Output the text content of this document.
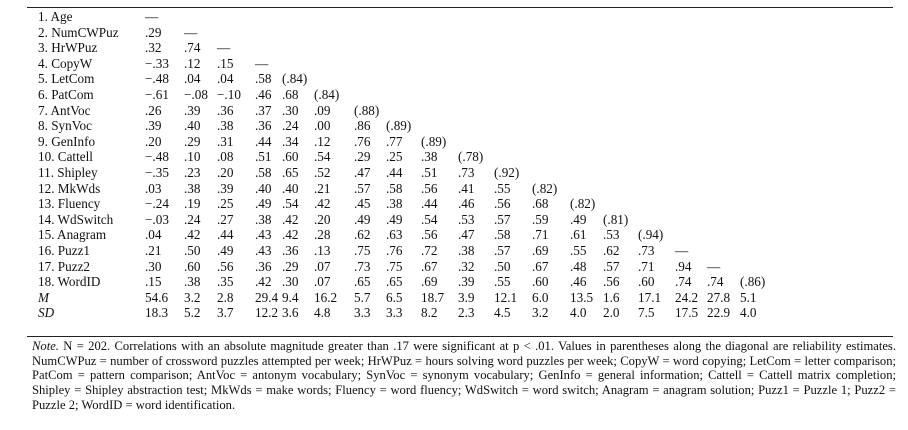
1. Age	—
2. NumCWPuz .29 —
3. HrWPuz	.32 .74 —
4. CopyW	−.33 .12 .15 —
5. LetCom	−.48 .04 .04 .58 (.84)
6. PatCom	−.61 −.08 −.10 .46 .68 (.84)
7. AntVoc	.26 .39 .36 .37 .30 .09 (.88)
8. SynVoc	.39 .40 .38 .36 .24 .00 .86 (.89)
9. GenInfo	.20 .29 .31 .44 .34 .12 .76 .77 (.89)
10. Cattell	−.48 .10 .08 .51 .60 .54 .29 .25 .38 (.78)
11. Shipley	−.35 .23 .20 .58 .65 .52 .47 .44 .51 .73 (.92)
12. MkWds	.03 .38 .39 .40 .40 .21 .57 .58 .56 .41 .55 (.82)
13. Fluency	−.24 .19 .25 .49 .54 .42 .45 .38 .44 .46 .56 .68 (.82)
14. WdSwitch −.03 .24 .27 .38 .42 .20 .49 .49 .54 .53 .57 .59 .49 (.81)
15. Anagram	.04 .42 .44 .43 .42 .28 .62 .63 .56 .47 .58 .71 .61 .53 (.94)
16. Puzz1	.21 .50 .49 .43 .36 .13 .75 .76 .72 .38 .57 .69 .55 .62 .73 —
17. Puzz2	.30 .60 .56 .36 .29 .07 .73 .75 .67 .32 .50 .67 .48 .57 .71 .94 —
18. WordID	.15 .38 .35 .42 .30 .07 .65 .65 .69 .39 .55 .60 .46 .56 .60 .74 .74 (.86)
M	54.6 3.2 2.8 29.4 9.4 16.2 5.7 6.5 18.7 3.9 12.1 6.0 13.5 1.6 17.1 24.2 27.8 5.1
SD	18.3 5.2 3.7 12.2 3.6 4.8 3.3 3.3 8.2 2.3 4.5 3.2 4.0 2.0 7.5 17.5 22.9 4.0
Note. N = 202. Correlations with an absolute magnitude greater than .17 were significant at p < .01. Values in parentheses along the diagonal are reliability estimates. NumCWPuz = number of crossword puzzles attempted per week; HrWPuz = hours solving word puzzles per week; CopyW = word copying; LetCom = letter comparison; PatCom = pattern comparison; AntVoc = antonym vocabulary; SynVoc = synonym vocabulary; GenInfo = general information; Cattell = Cattell matrix completion; Shipley = Shipley abstraction test; MkWds = make words; Fluency = word fluency; WdSwitch = word switch; Anagram = anagram solution; Puzz1 = Puzzle 1; Puzz2 = Puzzle 2; WordID = word identification.
